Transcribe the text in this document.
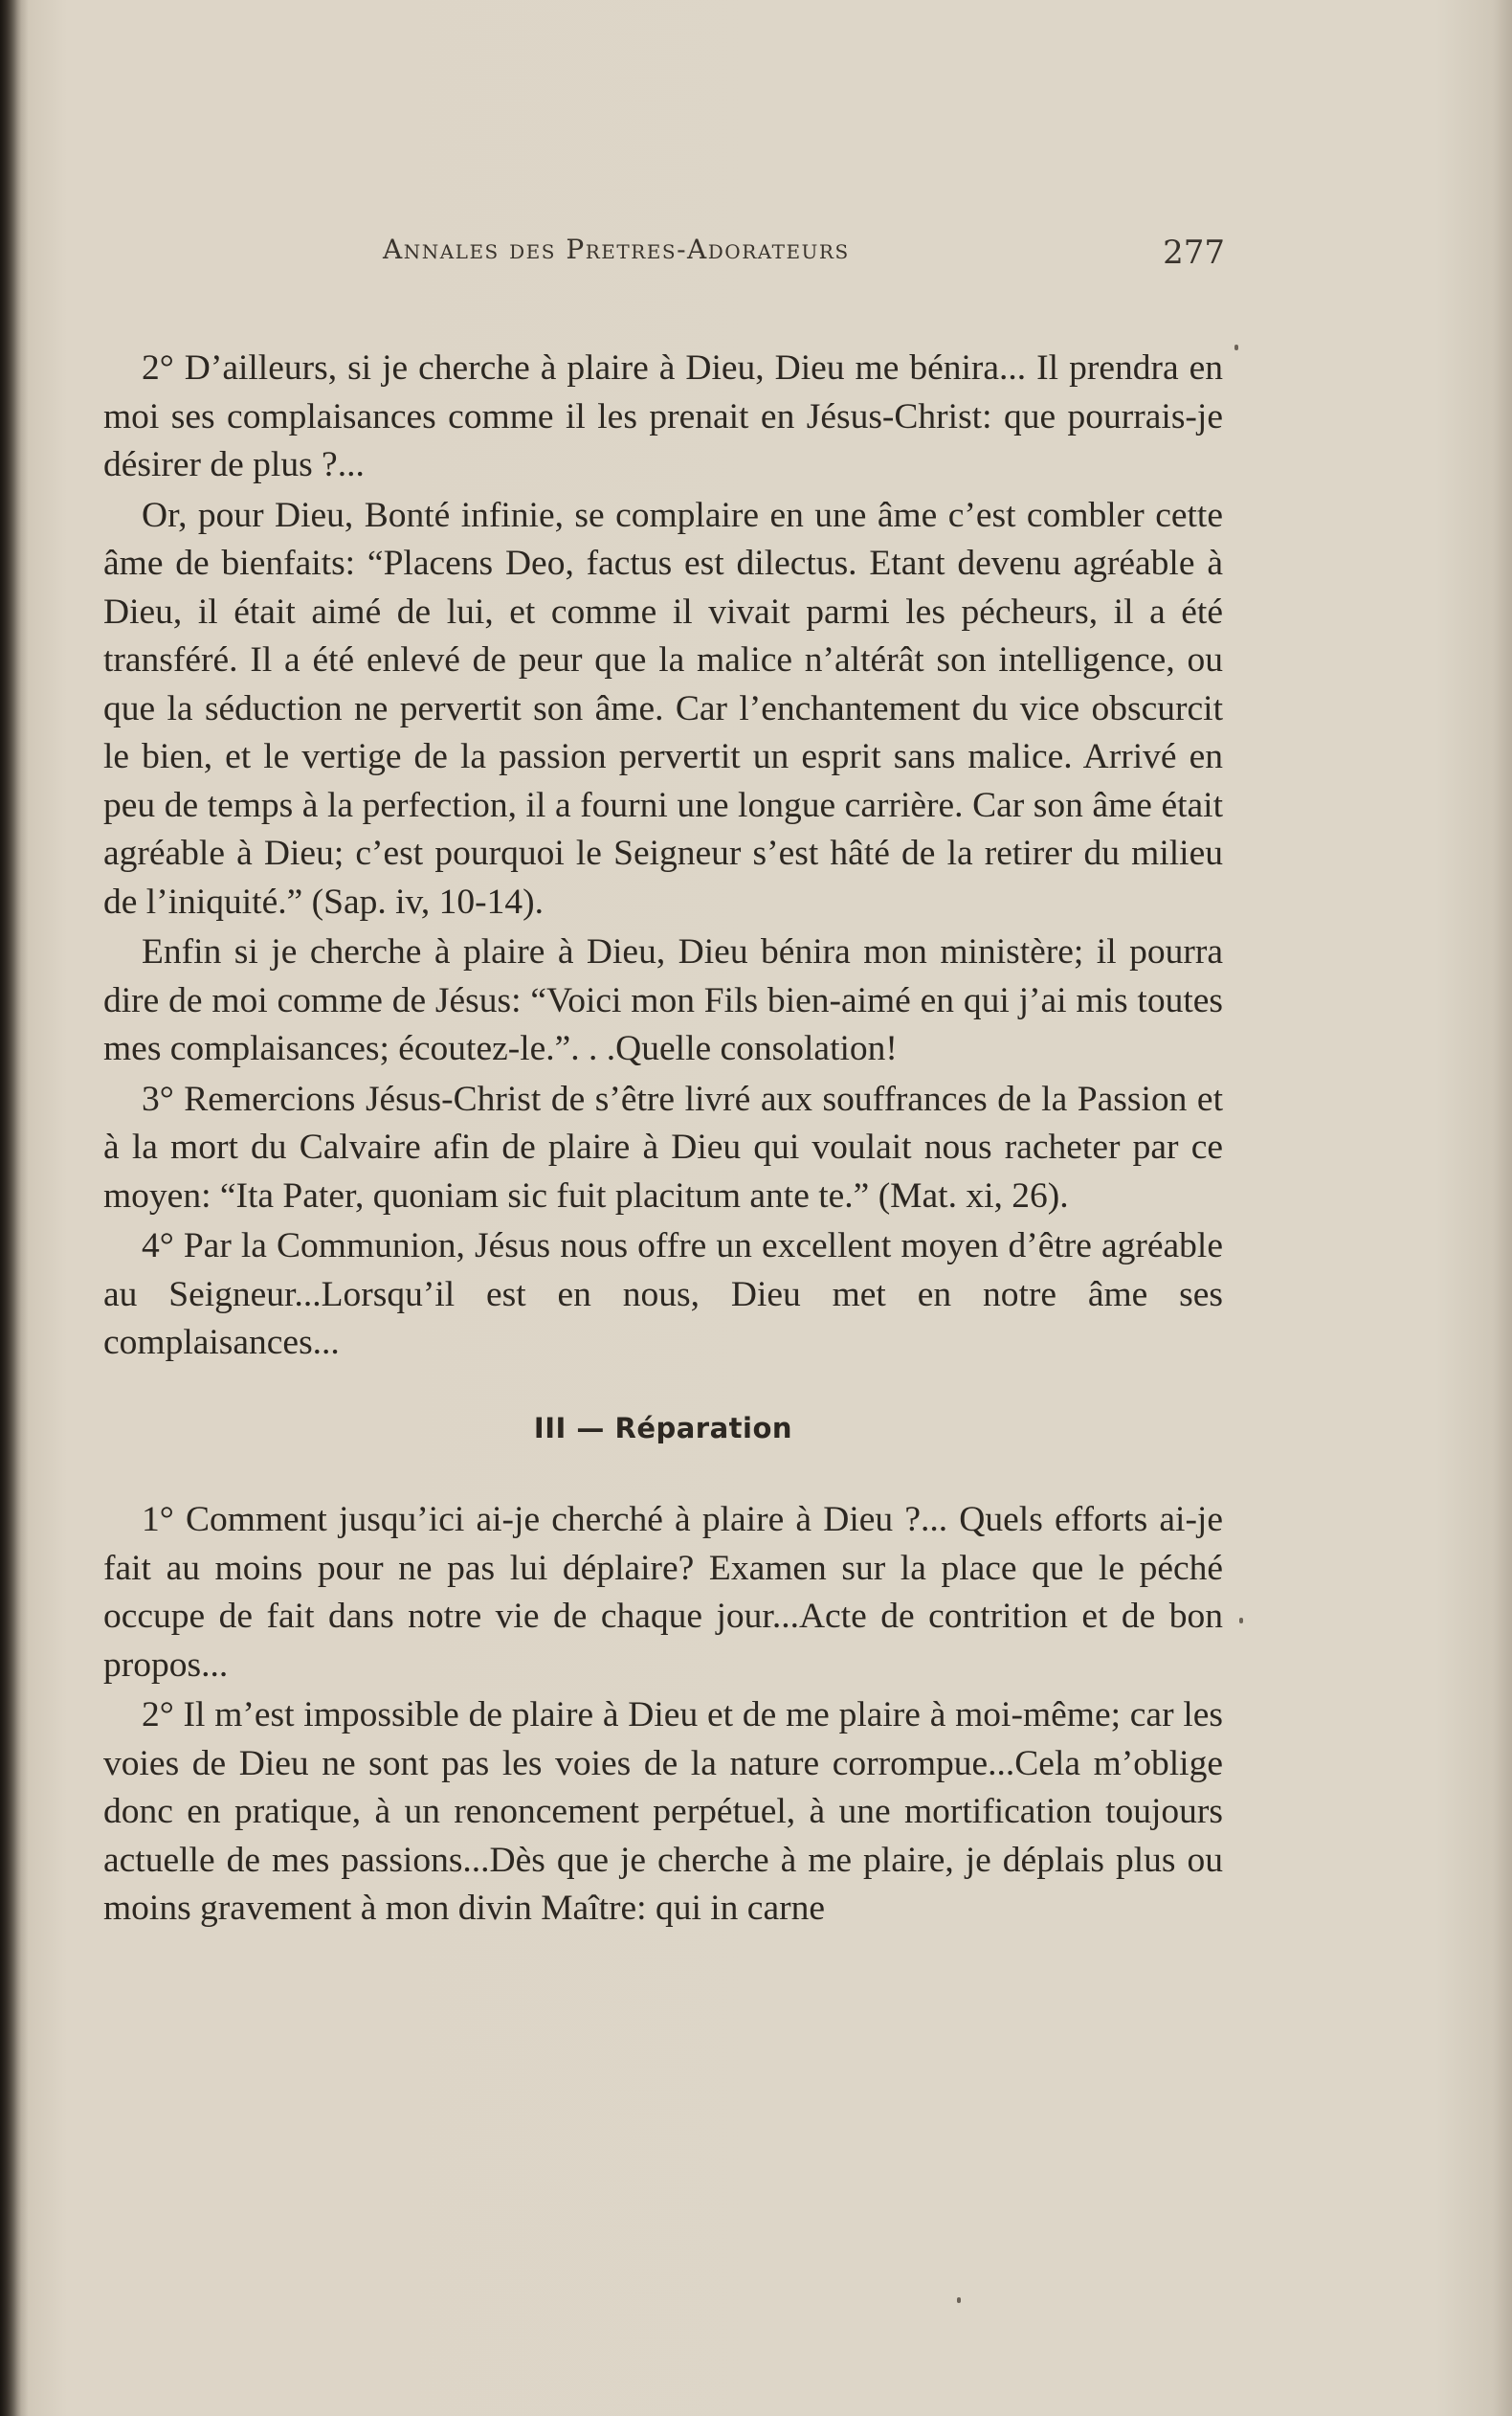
Annales des Pretres-Adorateurs	277

2° D’ailleurs, si je cherche à plaire à Dieu, Dieu me bénira... Il prendra en moi ses complaisances comme il les prenait en Jésus-Christ: que pourrais-je désirer de plus ?...

Or, pour Dieu, Bonté infinie, se complaire en une âme c’est combler cette âme de bienfaits: “Placens Deo, factus est dilectus. Etant devenu agréable à Dieu, il était aimé de lui, et comme il vivait parmi les pécheurs, il a été transféré. Il a été enlevé de peur que la malice n’altérât son intelligence, ou que la séduction ne pervertit son âme. Car l’enchantement du vice obscurcit le bien, et le vertige de la passion pervertit un esprit sans malice. Arrivé en peu de temps à la perfection, il a fourni une longue carrière. Car son âme était agréable à Dieu; c’est pourquoi le Seigneur s’est hâté de la retirer du milieu de l’iniquité.” (Sap. iv, 10-14).

Enfin si je cherche à plaire à Dieu, Dieu bénira mon ministère; il pourra dire de moi comme de Jésus: “Voici mon Fils bien-aimé en qui j’ai mis toutes mes complaisances; écoutez-le.”. . .Quelle consolation!

3° Remercions Jésus-Christ de s’être livré aux souffrances de la Passion et à la mort du Calvaire afin de plaire à Dieu qui voulait nous racheter par ce moyen: “Ita Pater, quoniam sic fuit placitum ante te.” (Mat. xi, 26).

4° Par la Communion, Jésus nous offre un excellent moyen d’être agréable au Seigneur...Lorsqu’il est en nous, Dieu met en notre âme ses complaisances...

III — Réparation

1° Comment jusqu’ici ai-je cherché à plaire à Dieu ?... Quels efforts ai-je fait au moins pour ne pas lui déplaire? Examen sur la place que le péché occupe de fait dans notre vie de chaque jour...Acte de contrition et de bon propos...

2° Il m’est impossible de plaire à Dieu et de me plaire à moi-même; car les voies de Dieu ne sont pas les voies de la nature corrompue...Cela m’oblige donc en pratique, à un renoncement perpétuel, à une mortification toujours actuelle de mes passions...Dès que je cherche à me plaire, je déplais plus ou moins gravement à mon divin Maître: qui in carne
